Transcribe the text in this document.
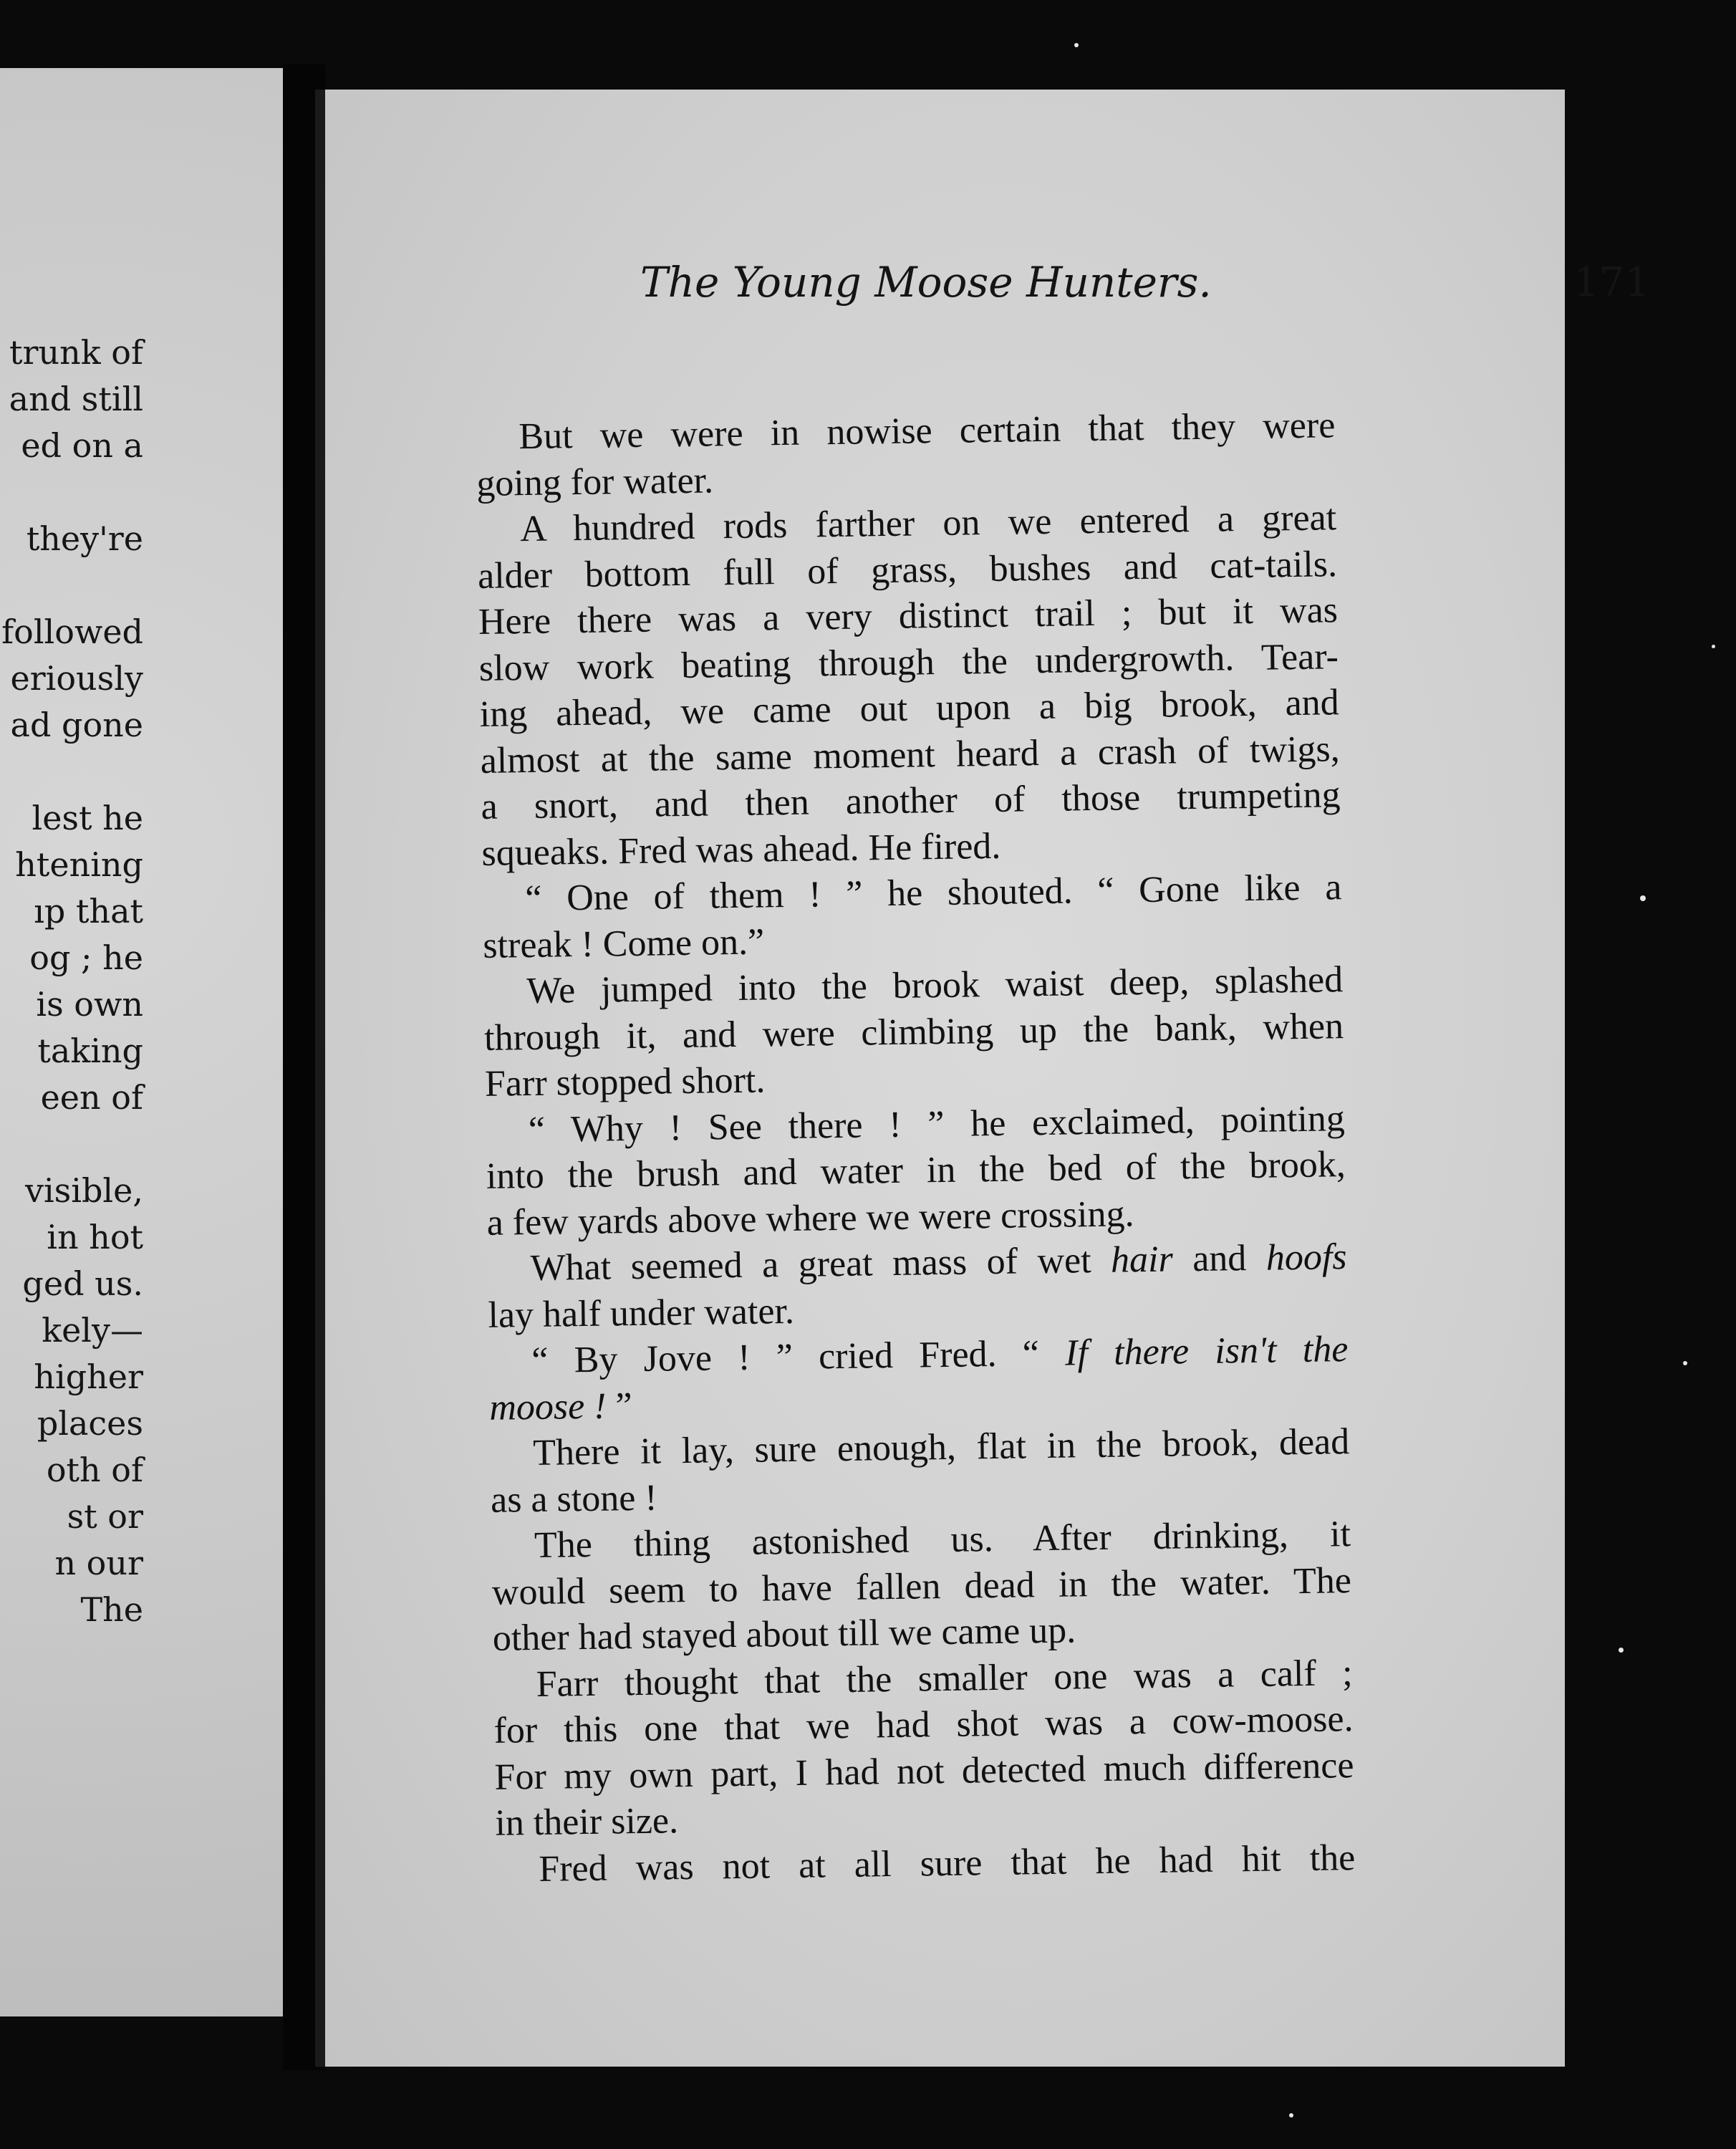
trunk of
and still
ed on a
they're
followed
eriously
ad gone
lest he
htening
ıp that
og ; he
is own
taking
een of
visible,
in hot
ged us.
kely—
higher
places
oth of
st or
n our
The
The Young Moose Hunters.	171
But we were in nowise certain that they were
going for water.
A hundred rods farther on we entered a great
alder bottom full of grass, bushes and cat-tails.
Here there was a very distinct trail ; but it was
slow work beating through the undergrowth. Tear-
ing ahead, we came out upon a big brook, and
almost at the same moment heard a crash of twigs,
a snort, and then another of those trumpeting
squeaks. Fred was ahead. He fired.
“ One of them ! ” he shouted. “ Gone like a
streak ! Come on.”
We jumped into the brook waist deep, splashed
through it, and were climbing up the bank, when
Farr stopped short.
“ Why ! See there ! ” he exclaimed, pointing
into the brush and water in the bed of the brook,
a few yards above where we were crossing.
What seemed a great mass of wet hair and hoofs
lay half under water.
“ By Jove ! ” cried Fred. “ If there isn't the
moose ! ”
There it lay, sure enough, flat in the brook, dead
as a stone !
The thing astonished us. After drinking, it
would seem to have fallen dead in the water. The
other had stayed about till we came up.
Farr thought that the smaller one was a calf ;
for this one that we had shot was a cow-moose.
For my own part, I had not detected much difference
in their size.
Fred was not at all sure that he had hit the
